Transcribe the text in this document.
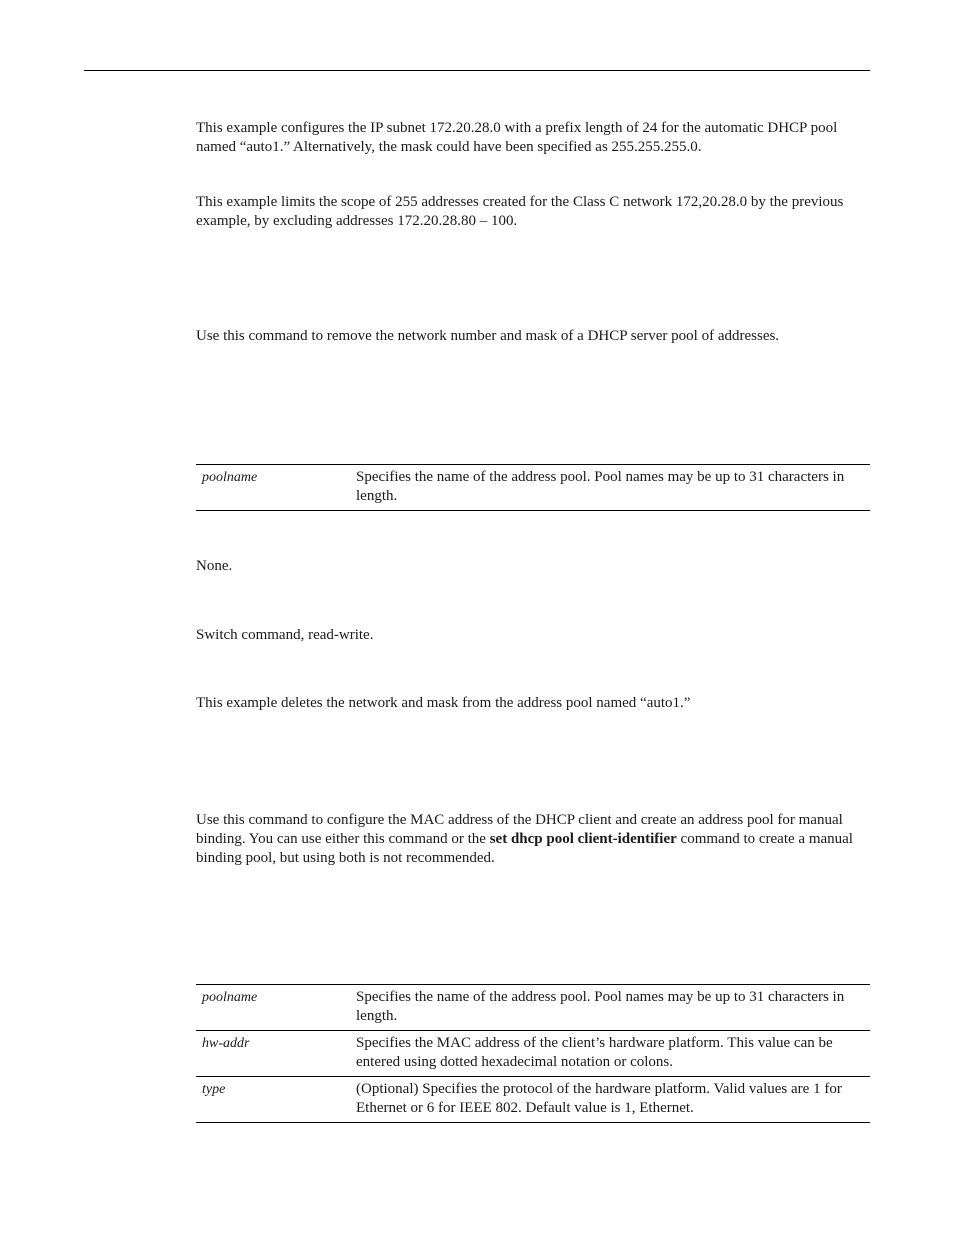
This example configures the IP subnet 172.20.28.0 with a prefix length of 24 for the automatic DHCP pool named “auto1.” Alternatively, the mask could have been specified as 255.255.255.0.

This example limits the scope of 255 addresses created for the Class C network 172,20.28.0 by the previous example, by excluding addresses 172.20.28.80 – 100.

Use this command to remove the network number and mask of a DHCP server pool of addresses.

poolname	Specifies the name of the address pool. Pool names may be up to 31 characters in length.

None.

Switch command, read-write.

This example deletes the network and mask from the address pool named “auto1.”

Use this command to configure the MAC address of the DHCP client and create an address pool for manual binding. You can use either this command or the set dhcp pool client-identifier command to create a manual binding pool, but using both is not recommended.

poolname	Specifies the name of the address pool. Pool names may be up to 31 characters in length.
hw-addr	Specifies the MAC address of the client’s hardware platform. This value can be entered using dotted hexadecimal notation or colons.
type	(Optional) Specifies the protocol of the hardware platform. Valid values are 1 for Ethernet or 6 for IEEE 802. Default value is 1, Ethernet.
